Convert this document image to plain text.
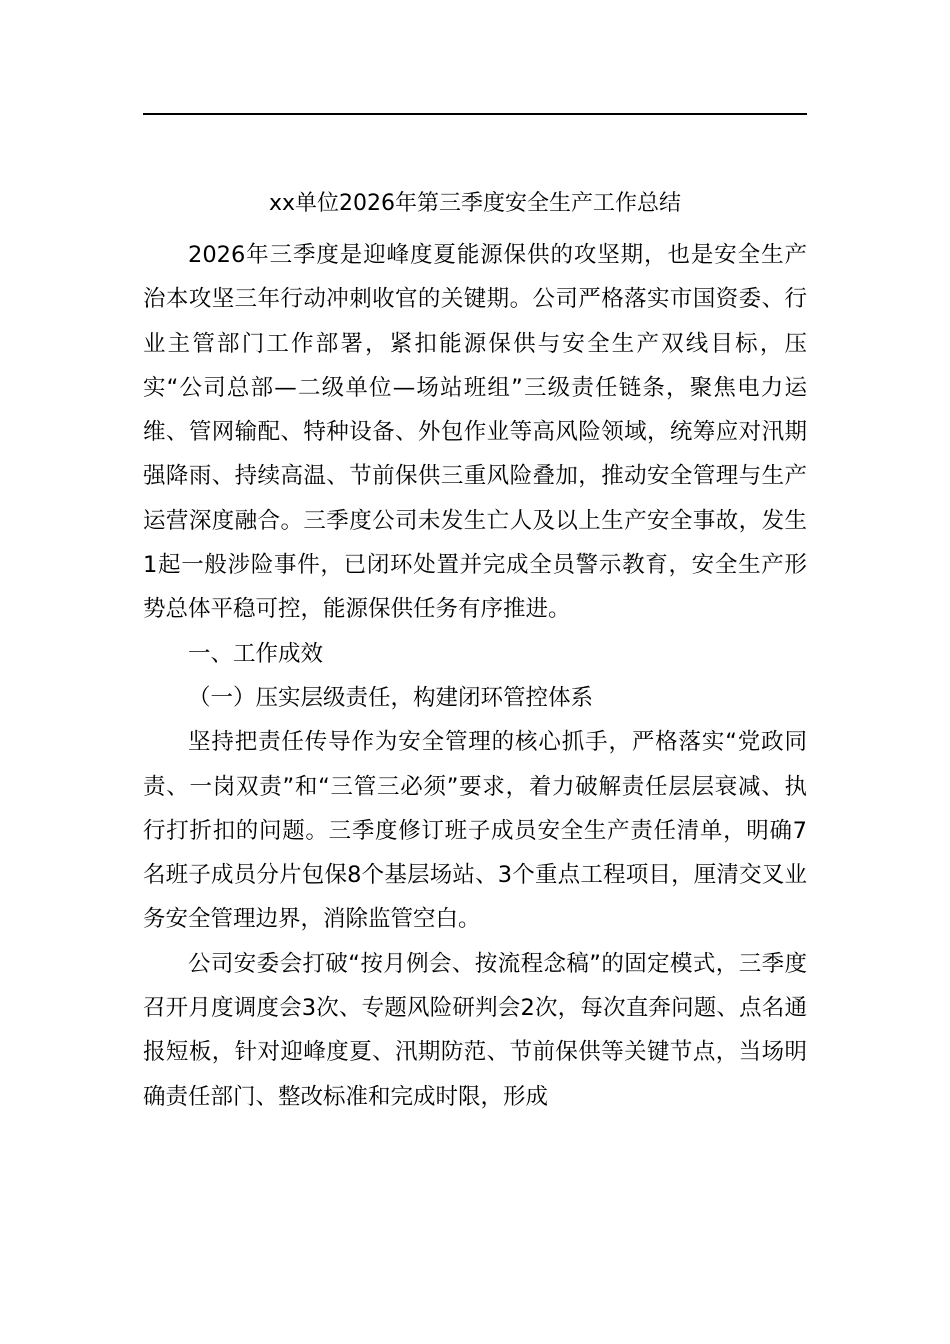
xx单位2026年第三季度安全生产工作总结

2026年三季度是迎峰度夏能源保供的攻坚期，也是安全生产治本攻坚三年行动冲刺收官的关键期。公司严格落实市国资委、行业主管部门工作部署，紧扣能源保供与安全生产双线目标，压实“公司总部—二级单位—场站班组”三级责任链条，聚焦电力运维、管网输配、特种设备、外包作业等高风险领域，统筹应对汛期强降雨、持续高温、节前保供三重风险叠加，推动安全管理与生产运营深度融合。三季度公司未发生亡人及以上生产安全事故，发生1起一般涉险事件，已闭环处置并完成全员警示教育，安全生产形势总体平稳可控，能源保供任务有序推进。

一、工作成效

（一）压实层级责任，构建闭环管控体系

坚持把责任传导作为安全管理的核心抓手，严格落实“党政同责、一岗双责”和“三管三必须”要求，着力破解责任层层衰减、执行打折扣的问题。三季度修订班子成员安全生产责任清单，明确7名班子成员分片包保8个基层场站、3个重点工程项目，厘清交叉业务安全管理边界，消除监管空白。

公司安委会打破“按月例会、按流程念稿”的固定模式，三季度召开月度调度会3次、专题风险研判会2次，每次直奔问题、点名通报短板，针对迎峰度夏、汛期防范、节前保供等关键节点，当场明确责任部门、整改标准和完成时限，形成
